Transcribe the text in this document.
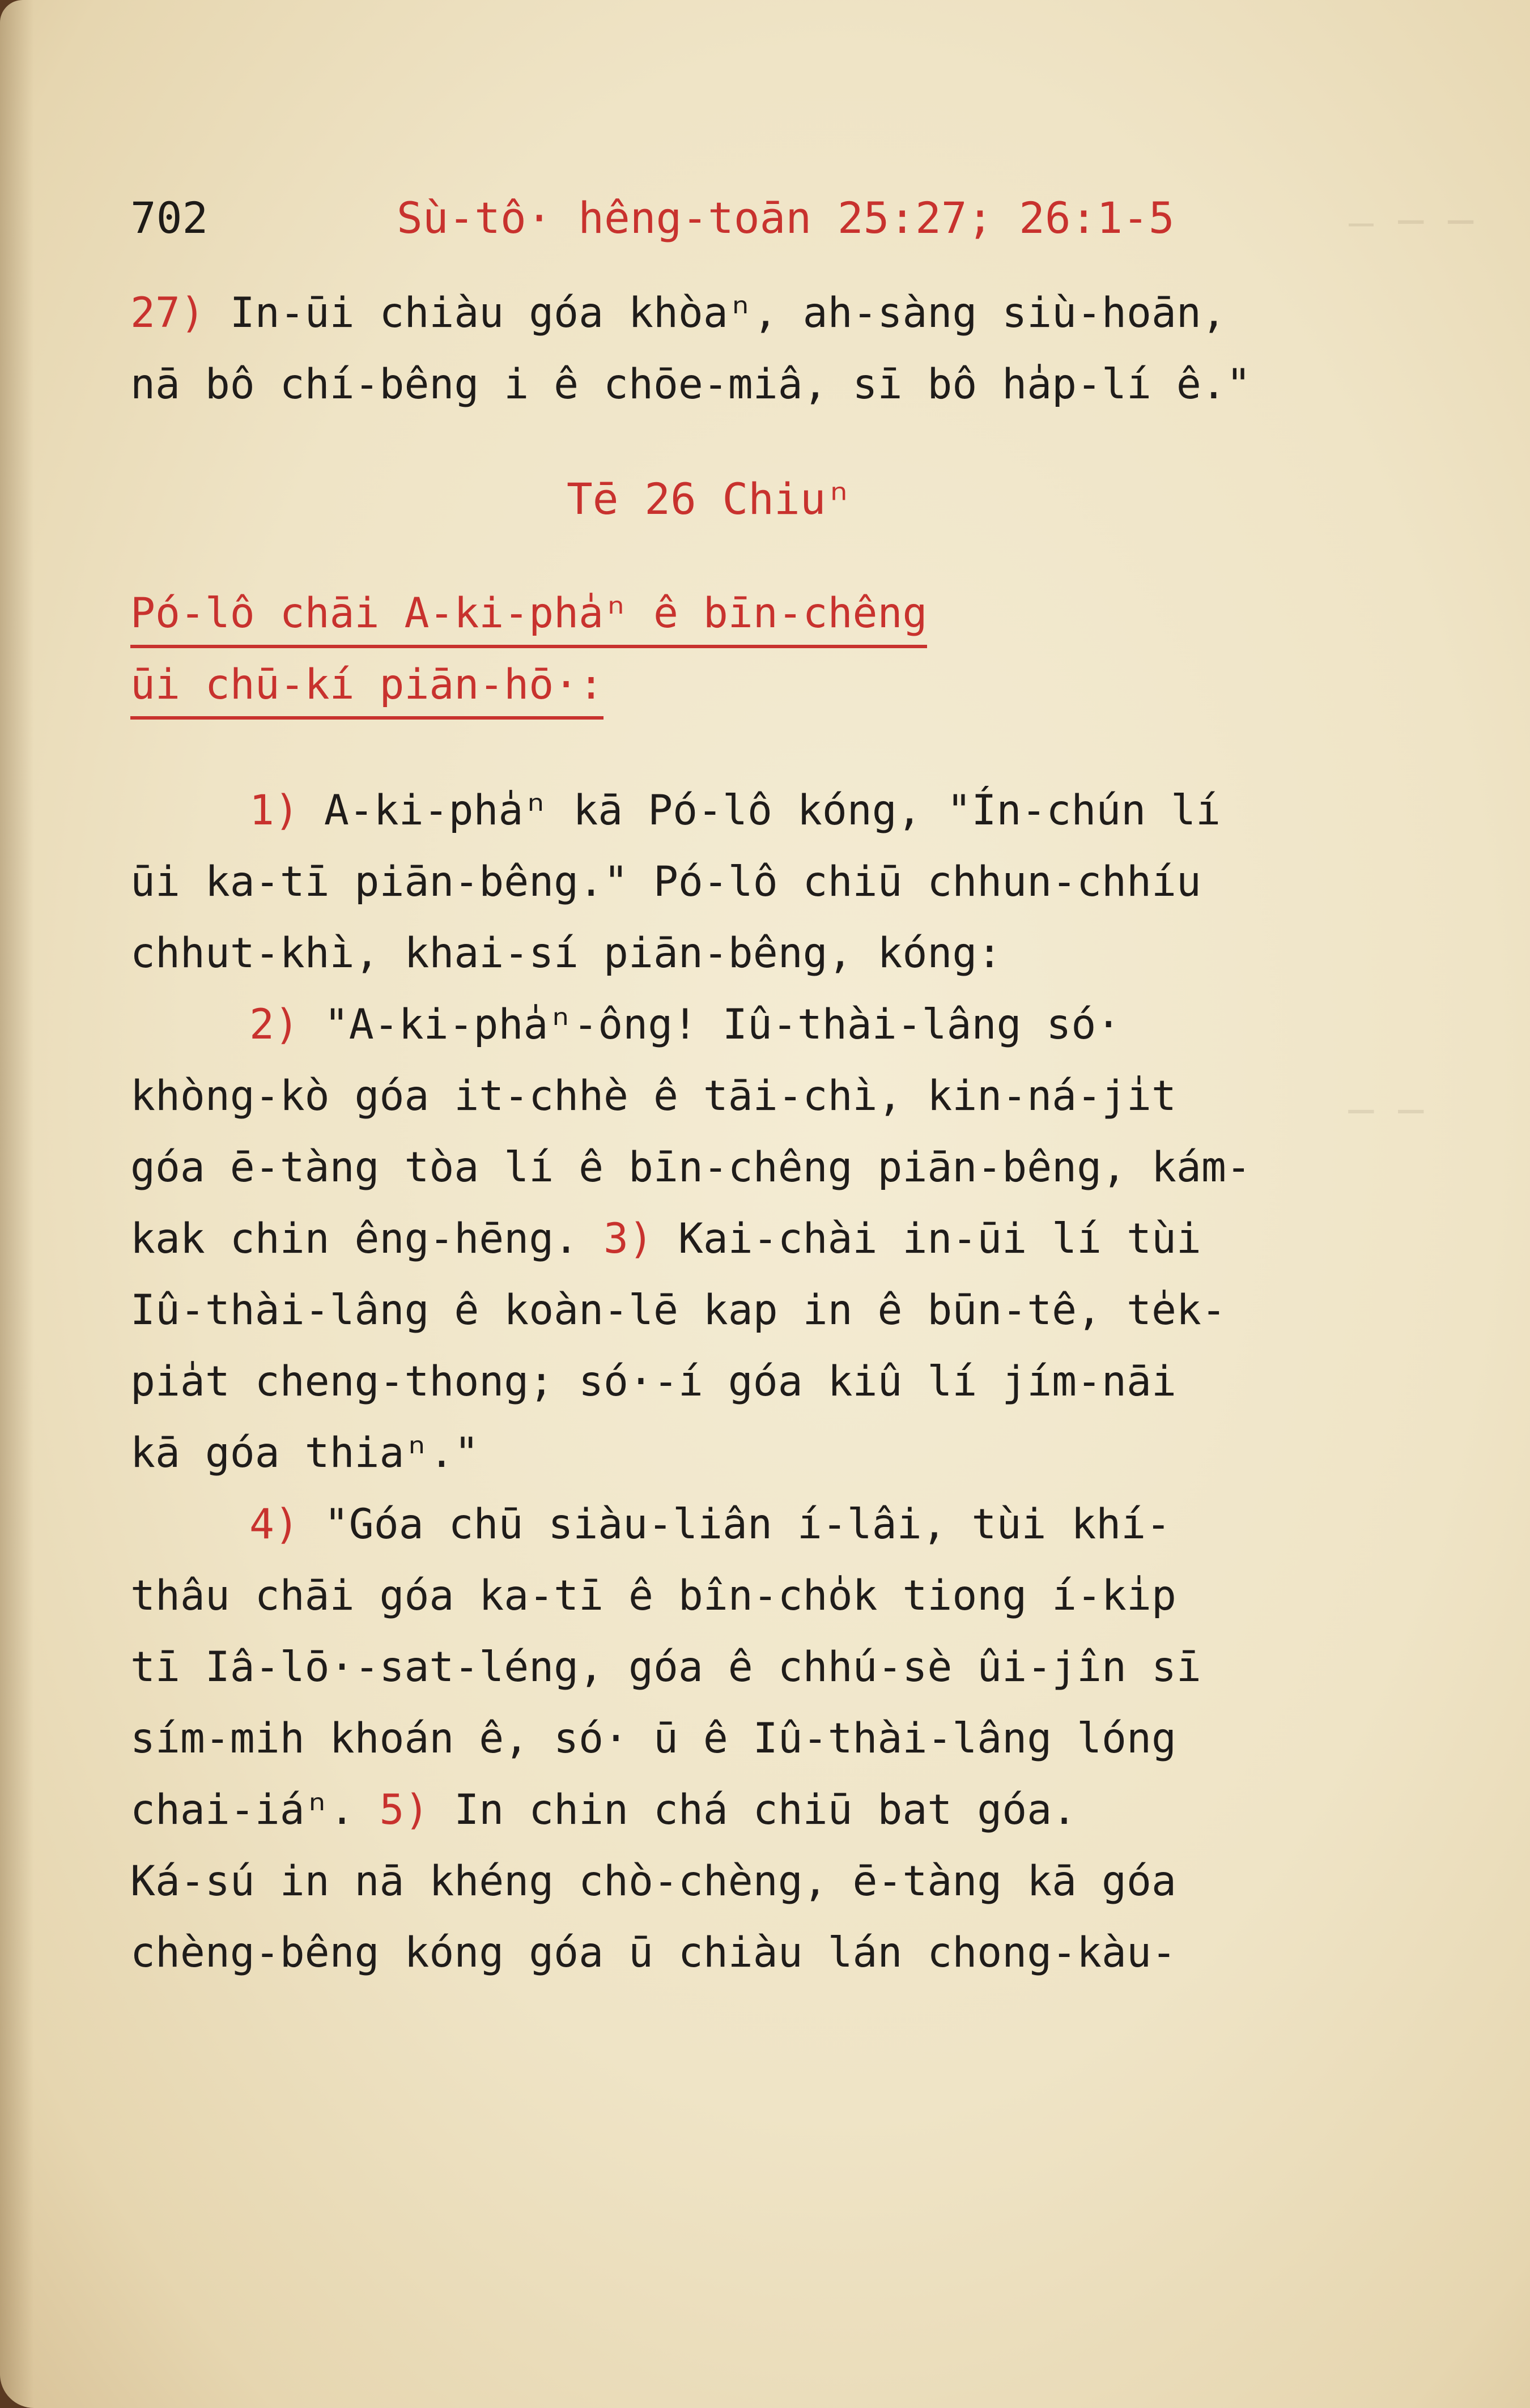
— ─ ─
─ ─
702	Sù-tô· hêng-toān 25:27; 26:1-5
27) In-ūi chiàu góa khòaⁿ, ah-sàng siù-hoān,
nā bô chí-bêng i ê chōe-miâ, sī bô ha̍p-lí ê."
Tē 26 Chiuⁿ
Pó-lô chāi A-ki-pha̍ⁿ ê bīn-chêng
ūi chū-kí piān-hō·:
1) A-ki-pha̍ⁿ kā Pó-lô kóng, "Ín-chún lí
ūi ka-tī piān-bêng." Pó-lô chiū chhun-chhíu
chhut-khì, khai-sí piān-bêng, kóng:
2) "A-ki-pha̍ⁿ-ông! Iû-thài-lâng só·
khòng-kò góa it-chhè ê tāi-chì, kin-ná-ji̍t
góa ē-tàng tòa lí ê bīn-chêng piān-bêng, kám-
kak chin êng-hēng. 3) Kai-chài in-ūi lí tùi
Iû-thài-lâng ê koàn-lē kap in ê būn-tê, te̍k-
pia̍t cheng-thong; só·-í góa kiû lí jím-nāi
kā góa thiaⁿ."
4) "Góa chū siàu-liân í-lâi, tùi khí-
thâu chāi góa ka-tī ê bîn-cho̍k tiong í-ki̍p
tī Iâ-lō·-sat-léng, góa ê chhú-sè ûi-jîn sī
sím-mih khoán ê, só· ū ê Iû-thài-lâng lóng
chai-iáⁿ. 5) In chin chá chiū bat góa.
Ká-sú in nā khéng chò-chèng, ē-tàng kā góa
chèng-bêng kóng góa ū chiàu lán chong-kàu-
